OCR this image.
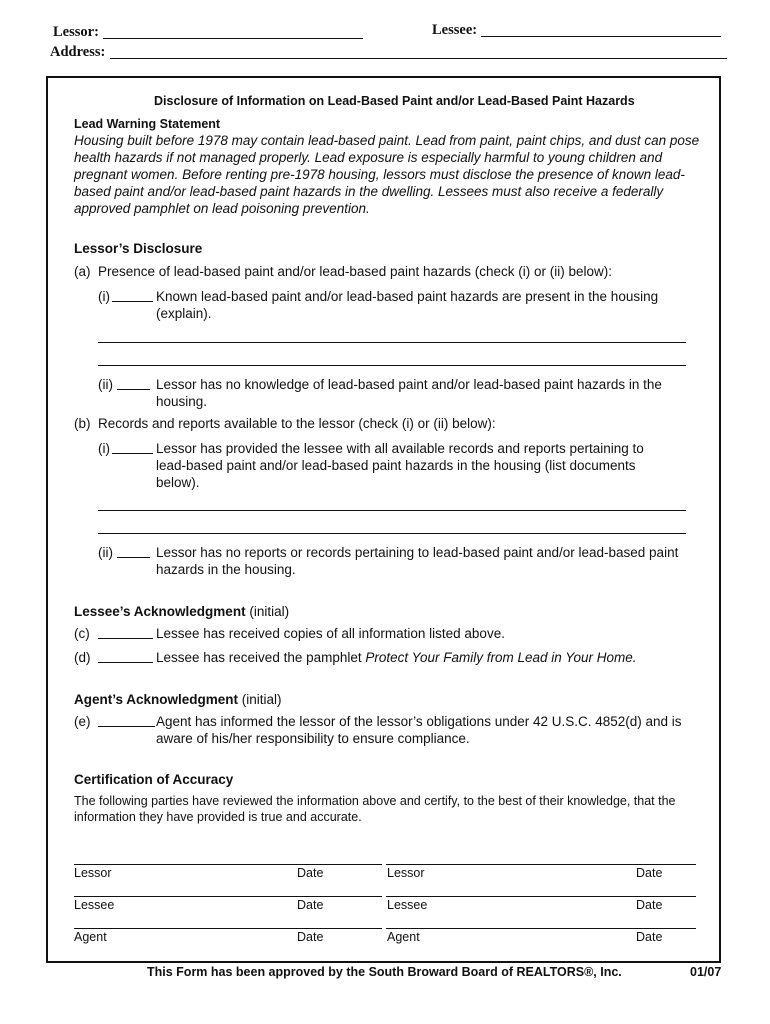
Lessor:	Lessee:
Address:
Disclosure of Information on Lead-Based Paint and/or Lead-Based Paint Hazards
Lead Warning Statement
Housing built before 1978 may contain lead-based paint. Lead from paint, paint chips, and dust can pose health hazards if not managed properly. Lead exposure is especially harmful to young children and pregnant women. Before renting pre-1978 housing, lessors must disclose the presence of known lead-based paint and/or lead-based paint hazards in the dwelling. Lessees must also receive a federally approved pamphlet on lead poisoning prevention.
Lessor’s Disclosure
(a) Presence of lead-based paint and/or lead-based paint hazards (check (i) or (ii) below):
(i)	Known lead-based paint and/or lead-based paint hazards are present in the housing (explain).
(ii)	Lessor has no knowledge of lead-based paint and/or lead-based paint hazards in the housing.
(b) Records and reports available to the lessor (check (i) or (ii) below):
(i)	Lessor has provided the lessee with all available records and reports pertaining to lead-based paint and/or lead-based paint hazards in the housing (list documents below).
(ii)	Lessor has no reports or records pertaining to lead-based paint and/or lead-based paint hazards in the housing.
Lessee’s Acknowledgment (initial)
(c)	Lessee has received copies of all information listed above.
(d)	Lessee has received the pamphlet Protect Your Family from Lead in Your Home.
Agent’s Acknowledgment (initial)
(e)	Agent has informed the lessor of the lessor’s obligations under 42 U.S.C. 4852(d) and is aware of his/her responsibility to ensure compliance.
Certification of Accuracy
The following parties have reviewed the information above and certify, to the best of their knowledge, that the information they have provided is true and accurate.
Lessor	Date	Lessor	Date
Lessee	Date	Lessee	Date
Agent	Date	Agent	Date
This Form has been approved by the South Broward Board of REALTORS®, Inc.	01/07
